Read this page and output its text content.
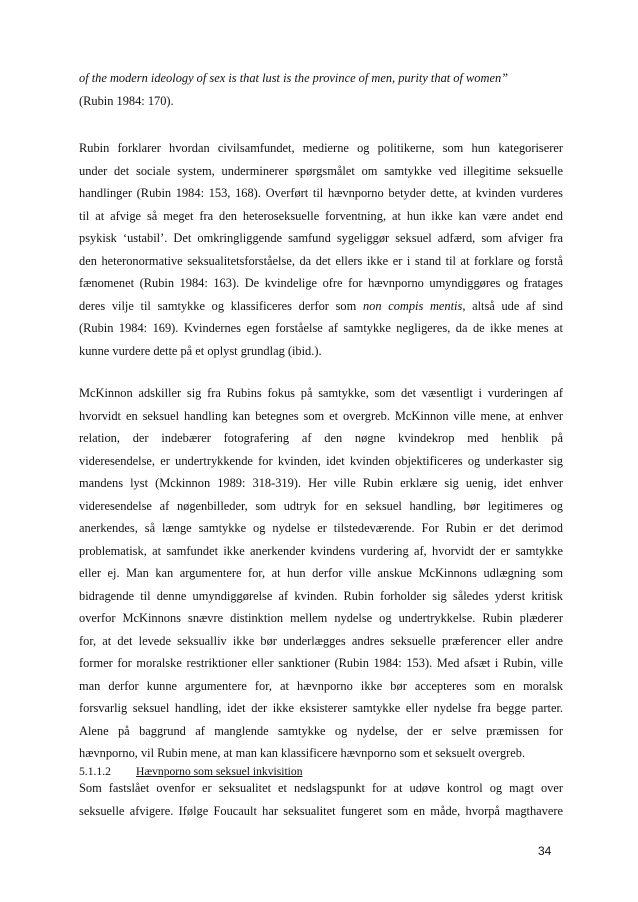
of the modern ideology of sex is that lust is the province of men, purity that of women”
(Rubin 1984: 170).
Rubin forklarer hvordan civilsamfundet, medierne og politikerne, som hun kategoriserer
under det sociale system, underminerer spørgsmålet om samtykke ved illegitime seksuelle
handlinger (Rubin 1984: 153, 168). Overført til hævnporno betyder dette, at kvinden vurderes
til at afvige så meget fra den heteroseksuelle forventning, at hun ikke kan være andet end
psykisk ‘ustabil’. Det omkringliggende samfund sygeliggør seksuel adfærd, som afviger fra
den heteronormative seksualitetsforståelse, da det ellers ikke er i stand til at forklare og forstå
fænomenet (Rubin 1984: 163). De kvindelige ofre for hævnporno umyndiggøres og fratages
deres vilje til samtykke og klassificeres derfor som non compis mentis, altså ude af sind
(Rubin 1984: 169). Kvindernes egen forståelse af samtykke negligeres, da de ikke menes at
kunne vurdere dette på et oplyst grundlag (ibid.).
McKinnon adskiller sig fra Rubins fokus på samtykke, som det væsentligt i vurderingen af
hvorvidt en seksuel handling kan betegnes som et overgreb. McKinnon ville mene, at enhver
relation, der indebærer fotografering af den nøgne kvindekrop med henblik på
videresendelse, er undertrykkende for kvinden, idet kvinden objektificeres og underkaster sig
mandens lyst (Mckinnon 1989: 318-319). Her ville Rubin erklære sig uenig, idet enhver
videresendelse af nøgenbilleder, som udtryk for en seksuel handling, bør legitimeres og
anerkendes, så længe samtykke og nydelse er tilstedeværende. For Rubin er det derimod
problematisk, at samfundet ikke anerkender kvindens vurdering af, hvorvidt der er samtykke
eller ej. Man kan argumentere for, at hun derfor ville anskue McKinnons udlægning som
bidragende til denne umyndiggørelse af kvinden. Rubin forholder sig således yderst kritisk
overfor McKinnons snævre distinktion mellem nydelse og undertrykkelse. Rubin plæderer
for, at det levede seksualliv ikke bør underlægges andres seksuelle præferencer eller andre
former for moralske restriktioner eller sanktioner (Rubin 1984: 153). Med afsæt i Rubin, ville
man derfor kunne argumentere for, at hævnporno ikke bør accepteres som en moralsk
forsvarlig seksuel handling, idet der ikke eksisterer samtykke eller nydelse fra begge parter.
Alene på baggrund af manglende samtykke og nydelse, der er selve præmissen for
hævnporno, vil Rubin mene, at man kan klassificere hævnporno som et seksuelt overgreb.
5.1.1.2 Hævnporno som seksuel inkvisition
Som fastslået ovenfor er seksualitet et nedslagspunkt for at udøve kontrol og magt over
seksuelle afvigere. Ifølge Foucault har seksualitet fungeret som en måde, hvorpå magthavere
34
